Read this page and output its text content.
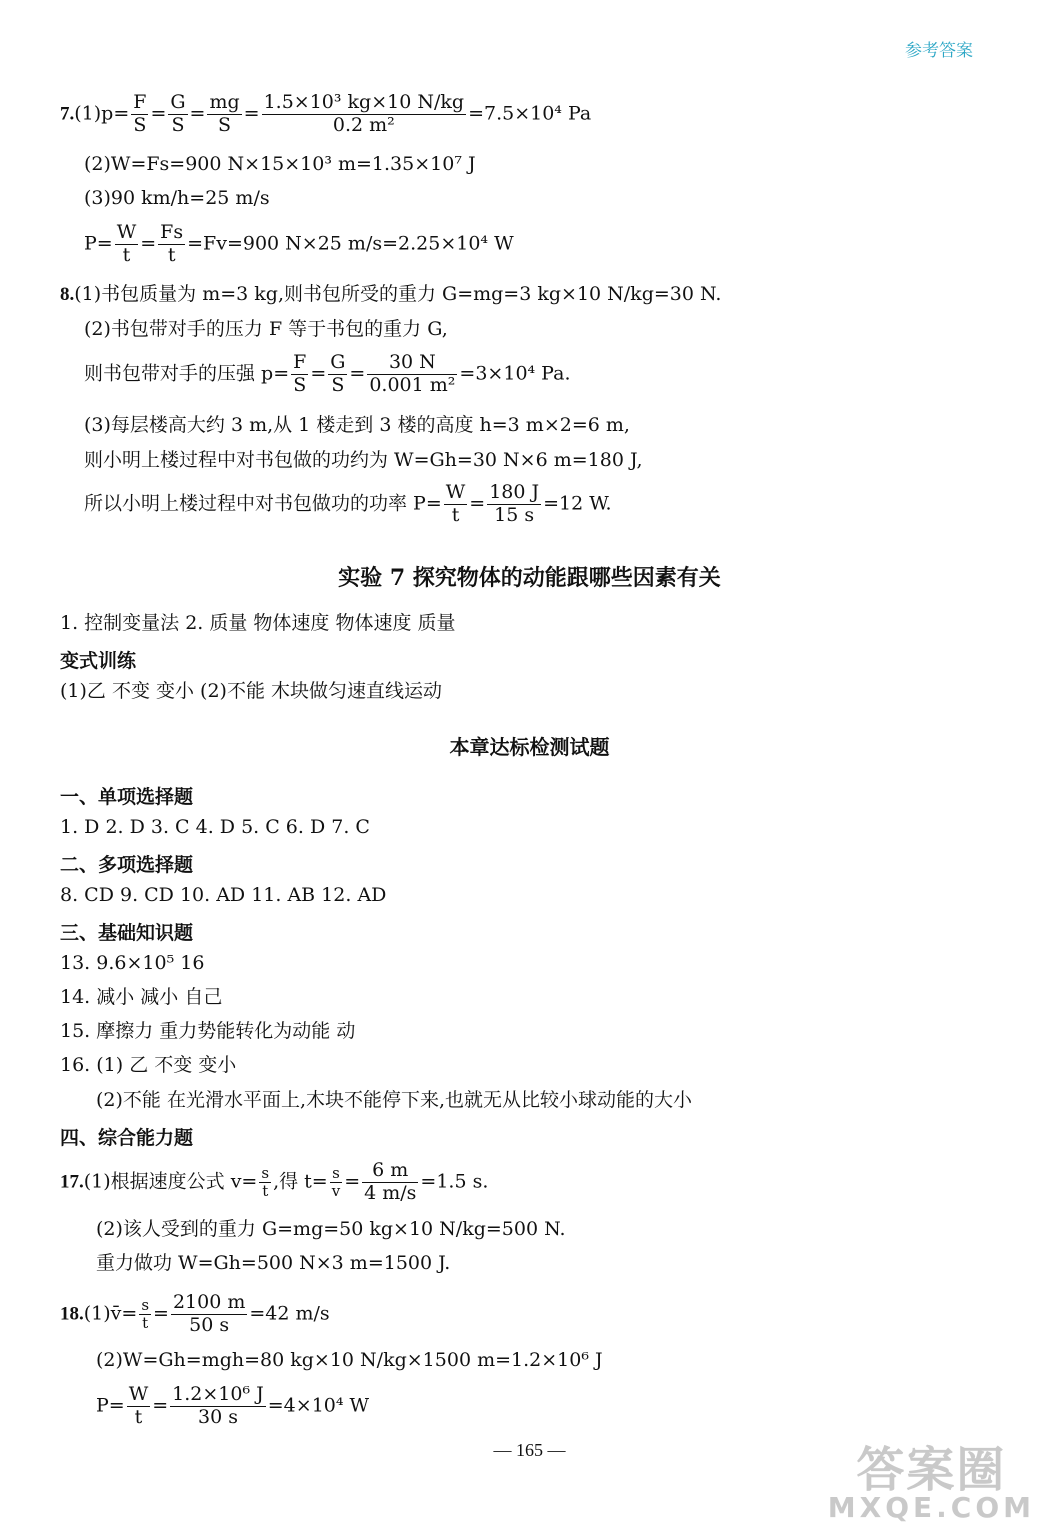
参考答案
$7.(1)p= \frac{F}{S} = \frac{G}{S} = \frac{mg}{S} = \frac{\text{1.5×10³ kg×10 N/kg}}{\text{0.2 m²}} =7.5\times 10^4$ Pa
(2)W=Fs=900 N×15×10³ m=1.35×10⁷ J
(3)90 km/h=25 m/s
$P= \frac{W}{t} = \frac{Fs}{t} =Fv=900$ N×25 m/s=2.25×10⁴ W
8.(1)书包质量为 m=3 kg,则书包所受的重力 G=mg=3 kg×10 N/kg=30 N.
(2)书包带对手的压力 F 等于书包的重力 G,
则书包带对手的压强 $p= \frac{F}{S} = \frac{G}{S} = \frac{30 N}{\text{0.001 m²}} =3\times 10^4$ Pa.
(3)每层楼高大约 3 m,从 1 楼走到 3 楼的高度 h=3 m×2=6 m,
则小明上楼过程中对书包做的功约为 W=Gh=30 N×6 m=180 J,
所以小明上楼过程中对书包做功的功率 $P= \frac{W}{t} = \frac{180 J}{15 s} =12$ W.
实验 7 探究物体的动能跟哪些因素有关
1. 控制变量法 2. 质量 物体速度 物体速度 质量
变式训练
(1)乙 不变 变小 (2)不能 木块做匀速直线运动
本章达标检测试题
一、单项选择题
1. D 2. D 3. C 4. D 5. C 6. D 7. C
二、多项选择题
8. CD 9. CD 10. AD 11. AB 12. AD
三、基础知识题
13. 9.6×10⁵ 16
14. 减小 减小 自己
15. 摩擦力 重力势能转化为动能 动
16. (1) 乙 不变 变小
(2)不能 在光滑水平面上,木块不能停下来,也就无从比较小球动能的大小
四、综合能力题
17.(1)根据速度公式 $v= \frac{s}{t}$ ,得 $t= \frac{s}{v} = \frac{6 m}{4 m/s} =1.5$ s.
(2)该人受到的重力 G=mg=50 kg×10 N/kg=500 N.
重力做功 W=Gh=500 N×3 m=1500 J.
18.(1)v̄= $\frac{s}{t} = \frac{2100 m}{50 s} =42$ m/s
(2)W=Gh=mgh=80 kg×10 N/kg×1500 m=1.2×10⁶ J
$P= \frac{W}{t} = \frac{\text{1.2×10⁶ J}}{30 s} =4\times 10^4$ W
— 165 —	答案圈
MXQE.COM
